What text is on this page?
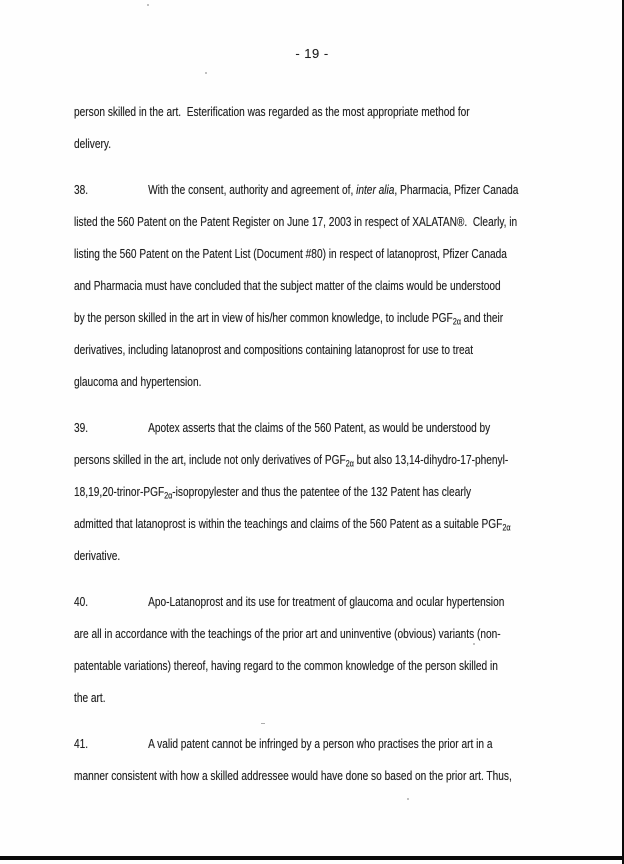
- 19 -
person skilled in the art.  Esterification was regarded as the most appropriate method for
delivery.
38.	With the consent, authority and agreement of, inter alia, Pharmacia, Pfizer Canada
listed the 560 Patent on the Patent Register on June 17, 2003 in respect of XALATAN®.  Clearly, in
listing the 560 Patent on the Patent List (Document #80) in respect of latanoprost, Pfizer Canada
and Pharmacia must have concluded that the subject matter of the claims would be understood
by the person skilled in the art in view of his/her common knowledge, to include $PGF_{2\alpha}$ and their
derivatives, including latanoprost and compositions containing latanoprost for use to treat
glaucoma and hypertension.
39.	Apotex asserts that the claims of the 560 Patent, as would be understood by
persons skilled in the art, include not only derivatives of $PGF_{2\alpha}$ but also 13,14-dihydro-17-phenyl-
$18,19,20-trinor-PGF_{2\alpha}$-isopropylester and thus the patentee of the 132 Patent has clearly
admitted that latanoprost is within the teachings and claims of the 560 Patent as a suitable $PGF_{2\alpha}$
derivative.
40.	Apo-Latanoprost and its use for treatment of glaucoma and ocular hypertension
are all in accordance with the teachings of the prior art and uninventive (obvious) variants (non-
patentable variations) thereof, having regard to the common knowledge of the person skilled in
the art.
41.	A valid patent cannot be infringed by a person who practises the prior art in a
manner consistent with how a skilled addressee would have done so based on the prior art. Thus,
